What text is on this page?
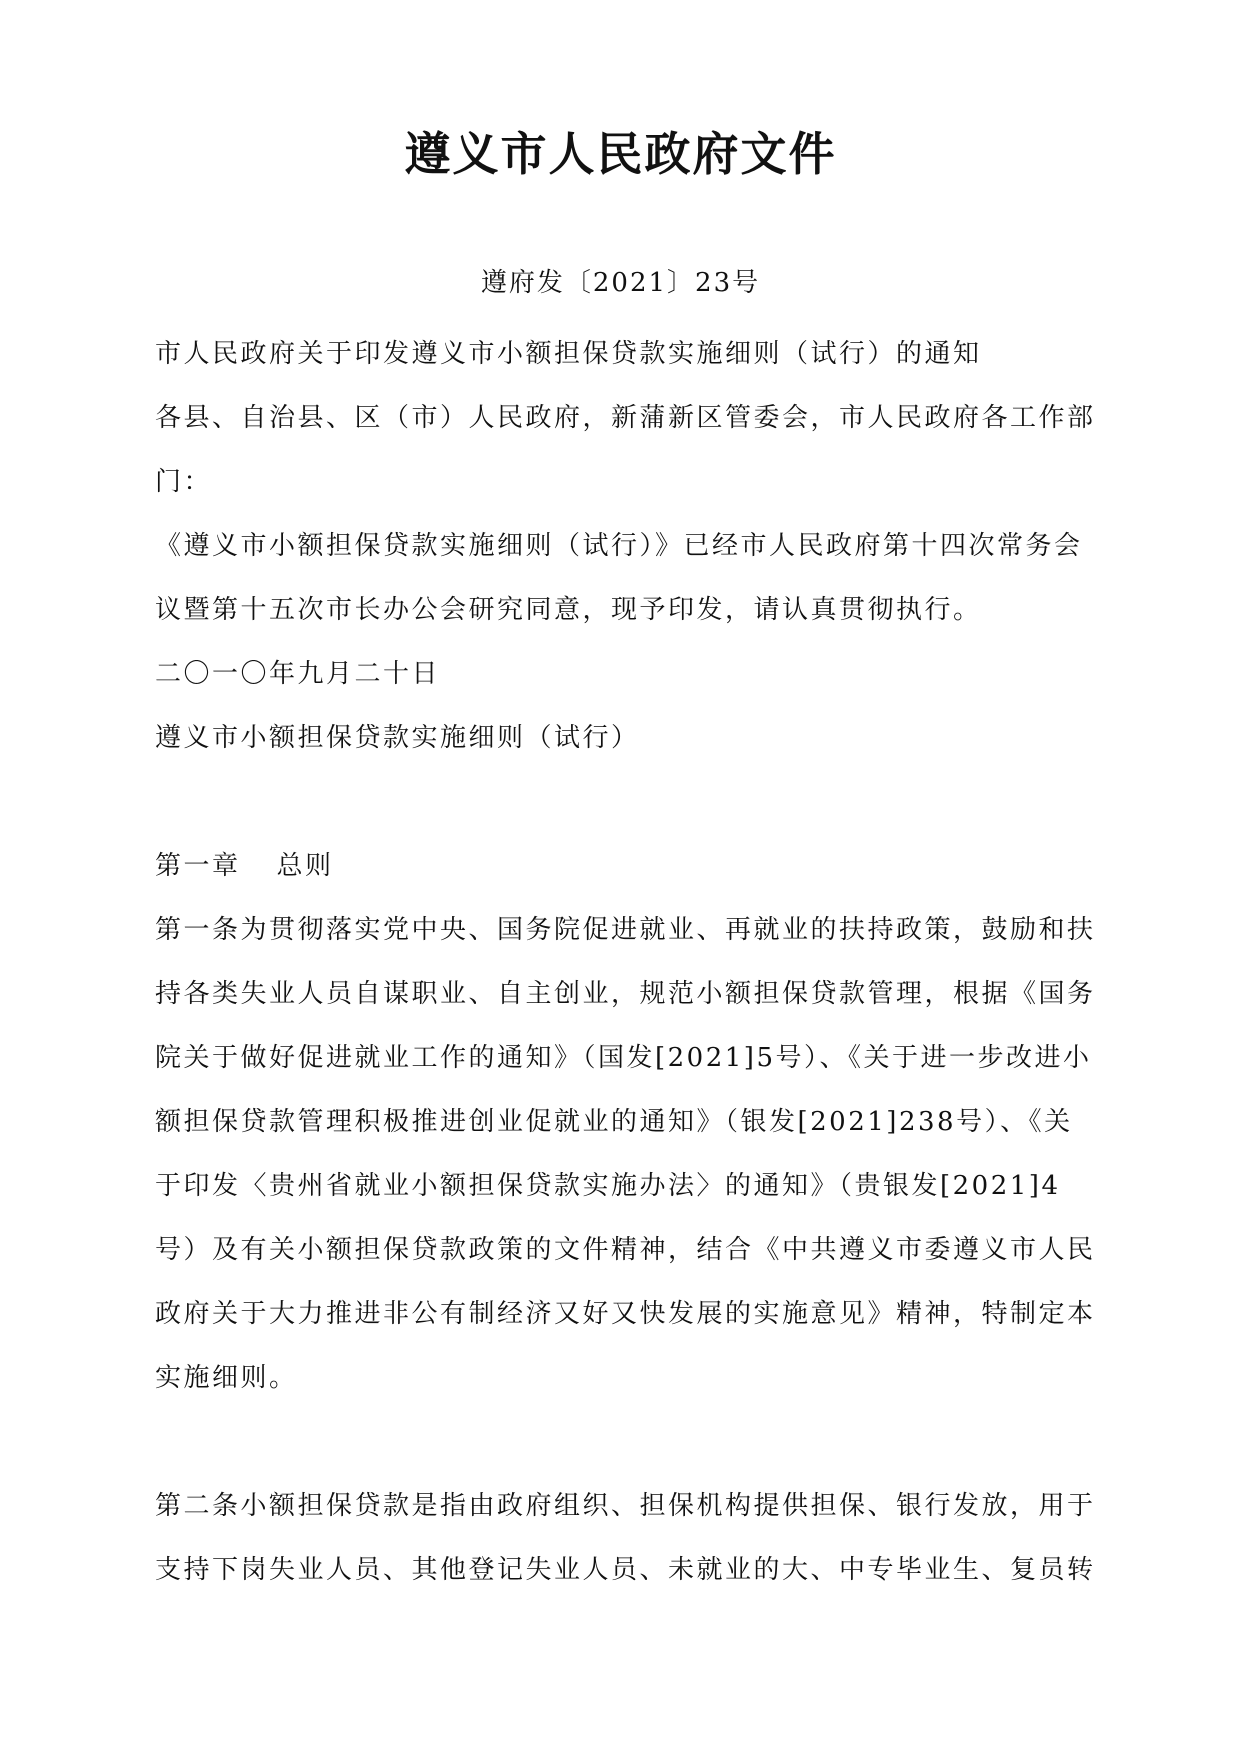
遵义市人民政府文件

遵府发〔2021〕23号

市人民政府关于印发遵义市小额担保贷款实施细则（试行）的通知

各县、自治县、区（市）人民政府，新蒲新区管委会，市人民政府各工作部门：

《遵义市小额担保贷款实施细则（试行）》已经市人民政府第十四次常务会议暨第十五次市长办公会研究同意，现予印发，请认真贯彻执行。

二〇一〇年九月二十日

遵义市小额担保贷款实施细则（试行）

第一章 总则

第一条为贯彻落实党中央、国务院促进就业、再就业的扶持政策，鼓励和扶持各类失业人员自谋职业、自主创业，规范小额担保贷款管理，根据《国务院关于做好促进就业工作的通知》（国发[2021]5号）、《关于进一步改进小额担保贷款管理积极推进创业促就业的通知》（银发[2021]238号）、《关于印发〈贵州省就业小额担保贷款实施办法〉的通知》（贵银发[2021]4号）及有关小额担保贷款政策的文件精神，结合《中共遵义市委遵义市人民政府关于大力推进非公有制经济又好又快发展的实施意见》精神，特制定本实施细则。

第二条小额担保贷款是指由政府组织、担保机构提供担保、银行发放，用于支持下岗失业人员、其他登记失业人员、未就业的大、中专毕业生、复员转
